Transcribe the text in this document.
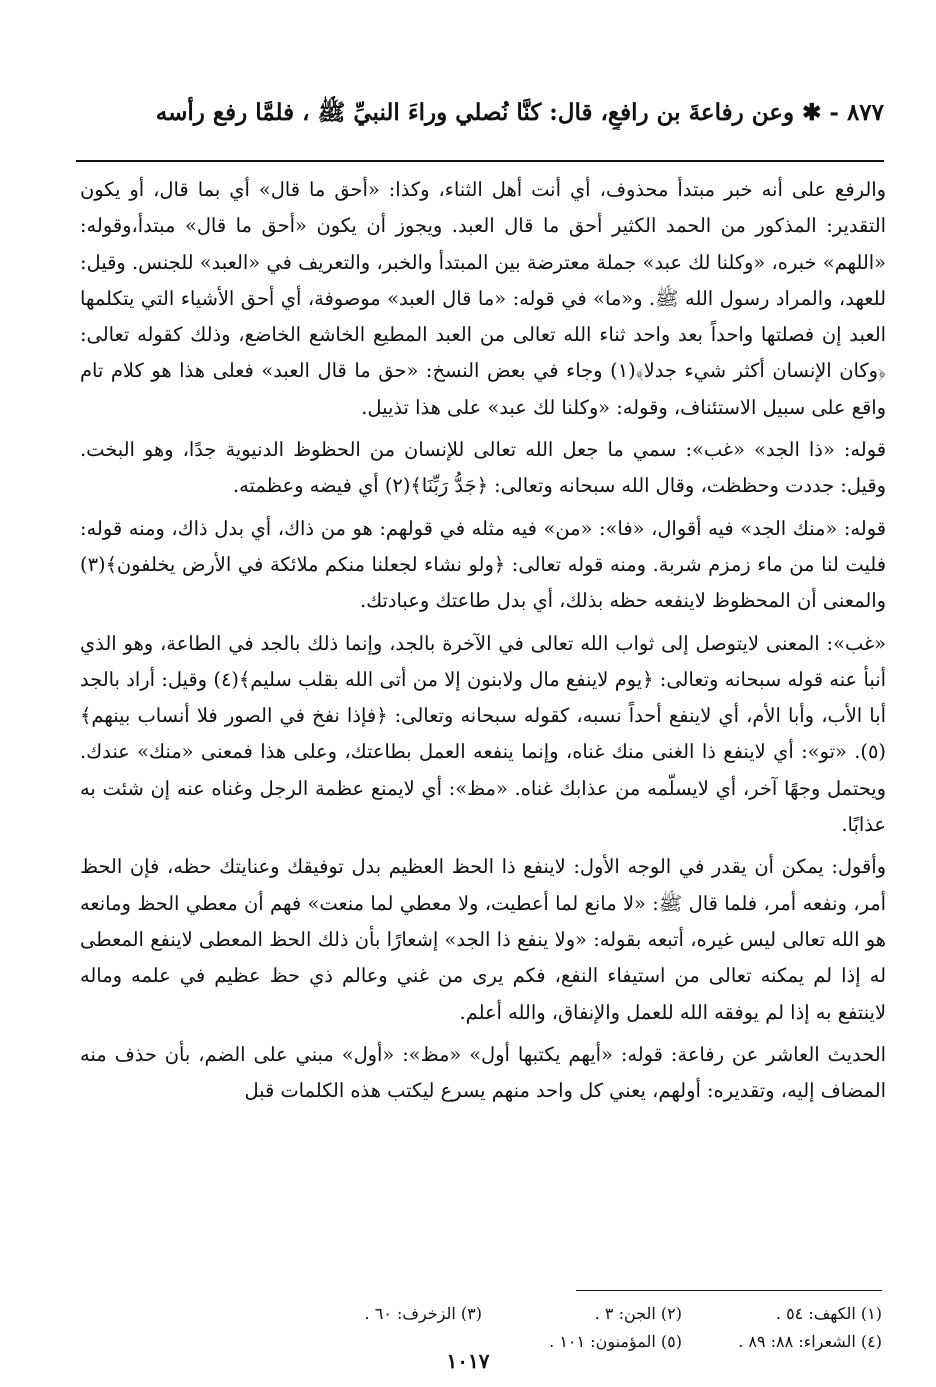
٨٧٧ - ✱ وعن رفاعةَ بن رافعٍ، قال: كنَّا نُصلي وراءَ النبيِّ ﷺ ، فلمَّا رفع رأسه

والرفع على أنه خبر مبتدأ محذوف، أي أنت أهل الثناء، وكذا: «أحق ما قال» أي بما قال، أو يكون التقدير: المذكور من الحمد الكثير أحق ما قال العبد. ويجوز أن يكون «أحق ما قال» مبتدأ،وقوله: «اللهم» خبره، «وكلنا لك عبد» جملة معترضة بين المبتدأ والخبر، والتعريف في «العبد» للجنس. وقيل: للعهد، والمراد رسول الله ﷺ. و«ما» في قوله: «ما قال العبد» موصوفة، أي أحق الأشياء التي يتكلمها العبد إن فصلتها واحداً بعد واحد ثناء الله تعالى من العبد المطيع الخاشع الخاضع، وذلك كقوله تعالى: ﴿وكان الإنسان أكثر شيء جدلا﴾(١) وجاء في بعض النسخ: «حق ما قال العبد» فعلى هذا هو كلام تام واقع على سبيل الاستئناف، وقوله: «وكلنا لك عبد» على هذا تذييل.

قوله: «ذا الجد» «غب»: سمي ما جعل الله تعالى للإنسان من الحظوظ الدنيوية جدًا، وهو البخت. وقيل: جددت وحظظت، وقال الله سبحانه وتعالى: ﴿جَدُّ رَبِّنَا﴾(٢) أي فيضه وعظمته.

قوله: «منك الجد» فيه أقوال، «فا»: «من» فيه مثله في قولهم: هو من ذاك، أي بدل ذاك، ومنه قوله: فليت لنا من ماء زمزم شربة. ومنه قوله تعالى: ﴿ولو نشاء لجعلنا منكم ملائكة في الأرض يخلفون﴾(٣) والمعنى أن المحظوظ لاينفعه حظه بذلك، أي بدل طاعتك وعبادتك.

«غب»: المعنى لايتوصل إلى ثواب الله تعالى في الآخرة بالجد، وإنما ذلك بالجد في الطاعة، وهو الذي أنبأ عنه قوله سبحانه وتعالى: ﴿يوم لاينفع مال ولابنون إلا من أتى الله بقلب سليم﴾(٤) وقيل: أراد بالجد أبا الأب، وأبا الأم، أي لاينفع أحداً نسبه، كقوله سبحانه وتعالى: ﴿فإذا نفخ في الصور فلا أنساب بينهم﴾(٥). «تو»: أي لاينفع ذا الغنى منك غناه، وإنما ينفعه العمل بطاعتك، وعلى هذا فمعنى «منك» عندك. ويحتمل وجهًا آخر، أي لايسلّمه من عذابك غناه. «مظ»: أي لايمنع عظمة الرجل وغناه عنه إن شئت به عذابًا.

وأقول: يمكن أن يقدر في الوجه الأول: لاينفع ذا الحظ العظيم بدل توفيقك وعنايتك حظه، فإن الحظ أمر، ونفعه أمر، فلما قال ﷺ: «لا مانع لما أعطيت، ولا معطي لما منعت» فهم أن معطي الحظ ومانعه هو الله تعالى ليس غيره، أتبعه بقوله: «ولا ينفع ذا الجد» إشعارًا بأن ذلك الحظ المعطى لاينفع المعطى له إذا لم يمكنه تعالى من استيفاء النفع، فكم يرى من غني وعالم ذي حظ عظيم في علمه وماله لاينتفع به إذا لم يوفقه الله للعمل والإنفاق، والله أعلم.

الحديث العاشر عن رفاعة: قوله: «أيهم يكتبها أول» «مظ»: «أول» مبني على الضم، بأن حذف منه المضاف إليه، وتقديره: أولهم، يعني كل واحد منهم يسرع ليكتب هذه الكلمات قبل

(١) الكهف: ٥٤ .
(٢) الجن: ٣ .
(٣) الزخرف: ٦٠ .
(٤) الشعراء: ٨٨: ٨٩ .
(٥) المؤمنون: ١٠١ .
١٠١٧
